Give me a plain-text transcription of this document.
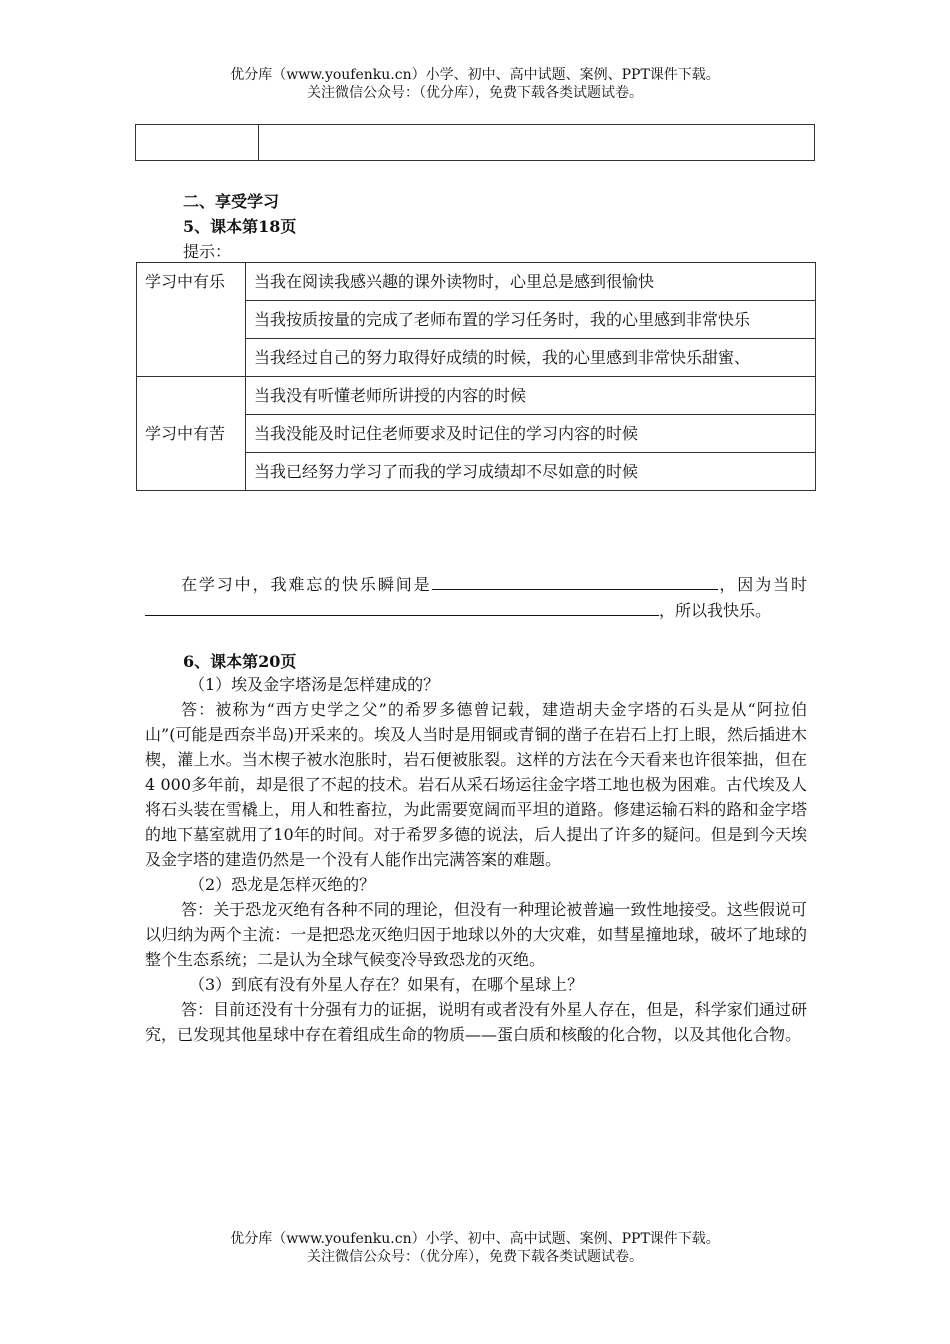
优分库（www.youfenku.cn）小学、初中、高中试题、案例、PPT课件下载。
关注微信公众号：（优分库），免费下载各类试题试卷。

二、享受学习
5、课本第18页
提示：
学习中有乐	当我在阅读我感兴趣的课外读物时，心里总是感到很愉快
	当我按质按量的完成了老师布置的学习任务时，我的心里感到非常快乐
	当我经过自己的努力取得好成绩的时候，我的心里感到非常快乐甜蜜、
学习中有苦	当我没有听懂老师所讲授的内容的时候
	当我没能及时记住老师要求及时记住的学习内容的时候
	当我已经努力学习了而我的学习成绩却不尽如意的时候

在学习中，我难忘的快乐瞬间是	，因为当时，所以我快乐。

6、课本第20页

（1）埃及金字塔汤是怎样建成的？

答：被称为“西方史学之父”的希罗多德曾记载，建造胡夫金字塔的石头是从“阿拉伯山”(可能是西奈半岛)开采来的。埃及人当时是用铜或青铜的凿子在岩石上打上眼，然后插进木楔，灌上水。当木楔子被水泡胀时，岩石便被胀裂。这样的方法在今天看来也许很笨拙，但在4 000多年前，却是很了不起的技术。岩石从采石场运往金字塔工地也极为困难。古代埃及人将石头装在雪橇上，用人和牲畜拉，为此需要宽阔而平坦的道路。修建运输石料的路和金字塔的地下墓室就用了10年的时间。对于希罗多德的说法，后人提出了许多的疑问。但是到今天埃及金字塔的建造仍然是一个没有人能作出完满答案的难题。

（2）恐龙是怎样灭绝的？

答：关于恐龙灭绝有各种不同的理论，但没有一种理论被普遍一致性地接受。这些假说可以归纳为两个主流：一是把恐龙灭绝归因于地球以外的大灾难，如彗星撞地球，破坏了地球的整个生态系统；二是认为全球气候变冷导致恐龙的灭绝。

（3）到底有没有外星人存在？如果有，在哪个星球上？

答：目前还没有十分强有力的证据，说明有或者没有外星人存在，但是，科学家们通过研究，已发现其他星球中存在着组成生命的物质——蛋白质和核酸的化合物，以及其他化合物。

优分库（www.youfenku.cn）小学、初中、高中试题、案例、PPT课件下载。
关注微信公众号：（优分库），免费下载各类试题试卷。
